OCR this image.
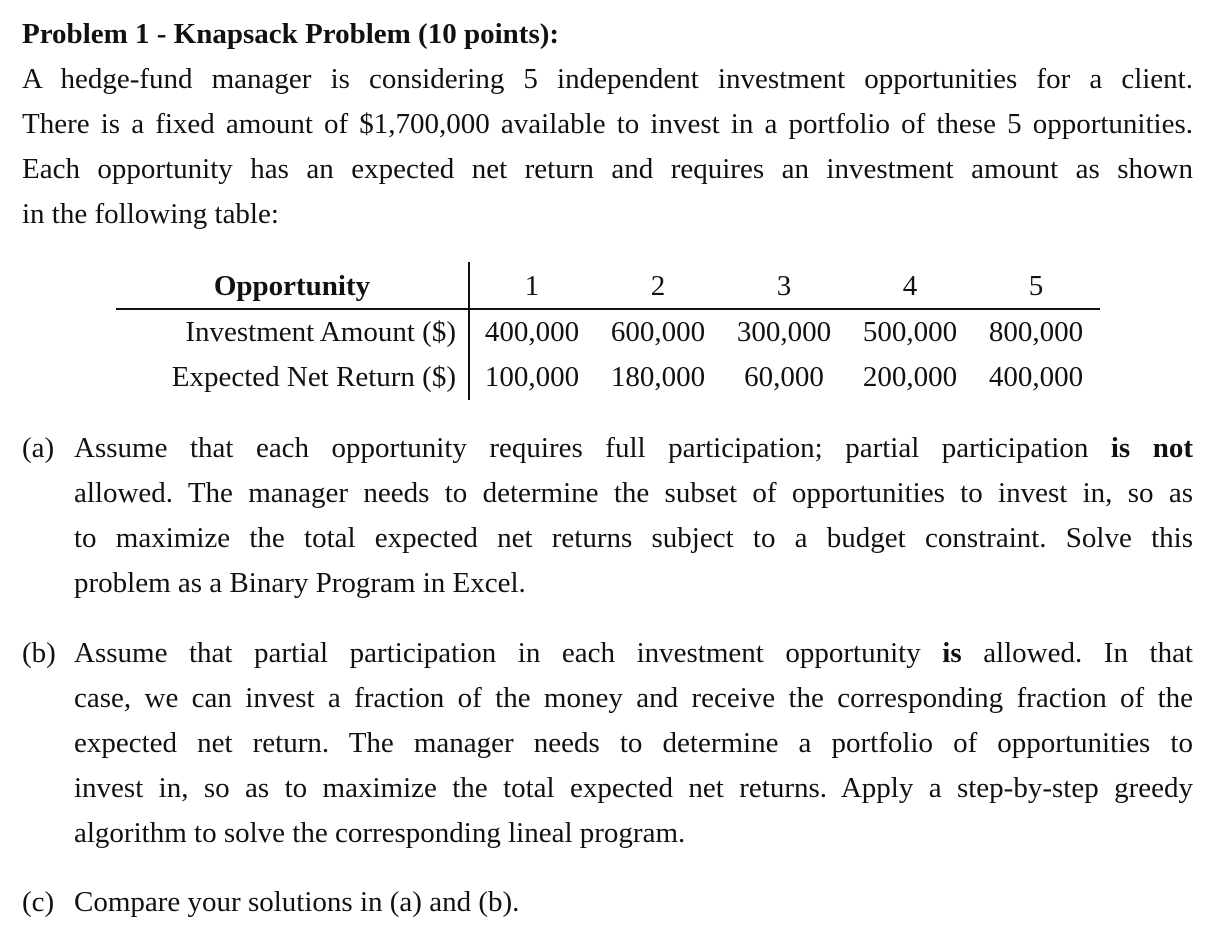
Problem 1 - Knapsack Problem (10 points):
A hedge-fund manager is considering 5 independent investment opportunities for a client.
There is a fixed amount of $1,700,000 available to invest in a portfolio of these 5 opportunities.
Each opportunity has an expected net return and requires an investment amount as shown
in the following table:
Opportunity	1	2	3	4	5
Investment Amount ($) 400,000	600,000	300,000	500,000	800,000
Expected Net Return ($) 100,000	180,000	60,000	200,000	400,000
(a) Assume that each opportunity requires full participation; partial participation is not
allowed. The manager needs to determine the subset of opportunities to invest in, so as
to maximize the total expected net returns subject to a budget constraint. Solve this
problem as a Binary Program in Excel.
(b) Assume that partial participation in each investment opportunity is allowed. In that
case, we can invest a fraction of the money and receive the corresponding fraction of the
expected net return. The manager needs to determine a portfolio of opportunities to
invest in, so as to maximize the total expected net returns. Apply a step-by-step greedy
algorithm to solve the corresponding lineal program.
(c) Compare your solutions in (a) and (b).
